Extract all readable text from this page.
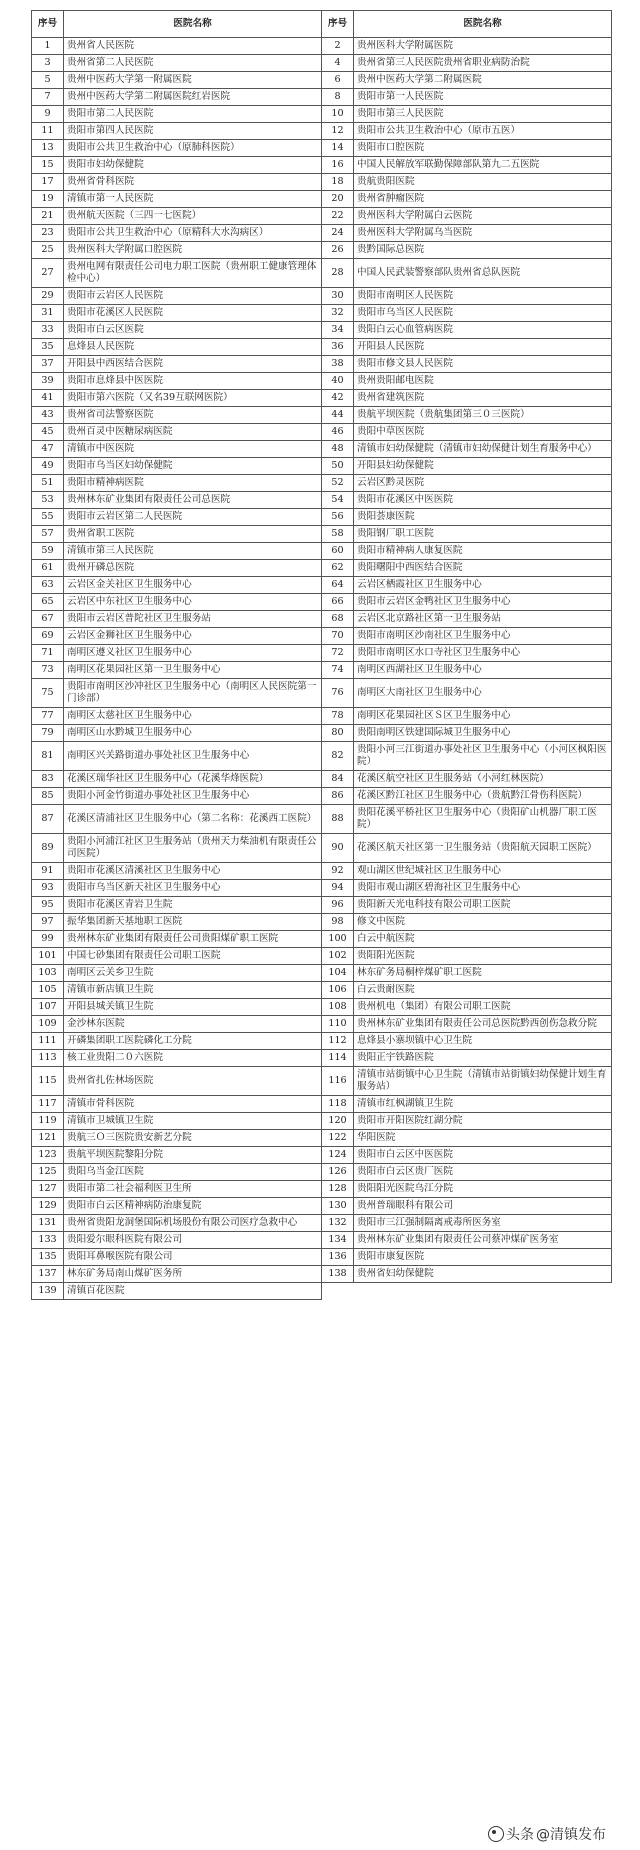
序号	医院名称	序号	医院名称
1	贵州省人民医院	2	贵州医科大学附属医院
3	贵州省第二人民医院	4	贵州省第三人民医院贵州省职业病防治院
5	贵州中医药大学第一附属医院	6	贵州中医药大学第二附属医院
7	贵州中医药大学第二附属医院红岩医院	8	贵阳市第一人民医院
9	贵阳市第二人民医院	10	贵阳市第三人民医院
11	贵阳市第四人民医院	12	贵阳市公共卫生救治中心（原市五医）
13	贵阳市公共卫生救治中心（原肺科医院）	14	贵阳市口腔医院
15	贵阳市妇幼保健院	16	中国人民解放军联勤保障部队第九二五医院
17	贵州省骨科医院	18	贵航贵阳医院
19	清镇市第一人民医院	20	贵州省肿瘤医院
21	贵州航天医院（三四一七医院）	22	贵州医科大学附属白云医院
23	贵阳市公共卫生救治中心（原精科大水沟病区）	24	贵州医科大学附属乌当医院
25	贵州医科大学附属口腔医院	26	贵黔国际总医院
27	贵州电网有限责任公司电力职工医院（贵州职工健康管理体检中心）	28	中国人民武装警察部队贵州省总队医院
29	贵阳市云岩区人民医院	30	贵阳市南明区人民医院
31	贵阳市花溪区人民医院	32	贵阳市乌当区人民医院
33	贵阳市白云区医院	34	贵阳白云心血管病医院
35	息烽县人民医院	36	开阳县人民医院
37	开阳县中西医结合医院	38	贵阳市修文县人民医院
39	贵阳市息烽县中医医院	40	贵州贵阳邮电医院
41	贵阳市第六医院（又名39互联网医院）	42	贵州省建筑医院
43	贵州省司法警察医院	44	贵航平坝医院（贵航集团第三０三医院）
45	贵州百灵中医糖尿病医院	46	贵阳中草医医院
47	清镇市中医医院	48	清镇市妇幼保健院（清镇市妇幼保健计划生育服务中心）
49	贵阳市乌当区妇幼保健院	50	开阳县妇幼保健院
51	贵阳市精神病医院	52	云岩区黔灵医院
53	贵州林东矿业集团有限责任公司总医院	54	贵阳市花溪区中医医院
55	贵阳市云岩区第二人民医院	56	贵阳荟康医院
57	贵州省职工医院	58	贵阳钢厂职工医院
59	清镇市第三人民医院	60	贵阳市精神病人康复医院
61	贵州开磷总医院	62	贵阳曙阳中西医结合医院
63	云岩区金关社区卫生服务中心	64	云岩区栖霞社区卫生服务中心
65	云岩区中东社区卫生服务中心	66	贵阳市云岩区金鸭社区卫生服务中心
67	贵阳市云岩区普陀社区卫生服务站	68	云岩区北京路社区第一卫生服务站
69	云岩区金狮社区卫生服务中心	70	贵阳市南明区沙南社区卫生服务中心
71	南明区遵义社区卫生服务中心	72	贵阳市南明区水口寺社区卫生服务中心
73	南明区花果园社区第一卫生服务中心	74	南明区西湖社区卫生服务中心
75	贵阳市南明区沙冲社区卫生服务中心（南明区人民医院第一门诊部）	76	南明区大南社区卫生服务中心
77	南明区太慈社区卫生服务中心	78	南明区花果园社区Ｓ区卫生服务中心
79	南明区山水黔城卫生服务中心	80	贵阳南明区铁建国际城卫生服务中心
81	南明区兴关路街道办事处社区卫生服务中心	82	贵阳小河三江街道办事处社区卫生服务中心（小河区枫阳医院）
83	花溪区瑞华社区卫生服务中心（花溪华烽医院）	84	花溪区航空社区卫生服务站（小河红林医院）
85	贵阳小河金竹街道办事处社区卫生服务中心	86	花溪区黔江社区卫生服务中心（贵航黔江骨伤科医院）
87	花溪区清浦社区卫生服务中心（第二名称：花溪西工医院）	88	贵阳花溪平桥社区卫生服务中心（贵阳矿山机器厂职工医院）
89	贵阳小河浦江社区卫生服务站（贵州天力柴油机有限责任公司医院）	90	花溪区航天社区第一卫生服务站（贵阳航天园职工医院）
91	贵阳市花溪区清溪社区卫生服务中心	92	观山湖区世纪城社区卫生服务中心
93	贵阳市乌当区新天社区卫生服务中心	94	贵阳市观山湖区碧海社区卫生服务中心
95	贵阳市花溪区青岩卫生院	96	贵阳新天光电科技有限公司职工医院
97	振华集团新天基地职工医院	98	修文中医院
99	贵州林东矿业集团有限责任公司贵阳煤矿职工医院	100	白云中航医院
101	中国七砂集团有限责任公司职工医院	102	贵阳阳光医院
103	南明区云关乡卫生院	104	林东矿务局桐梓煤矿职工医院
105	清镇市新店镇卫生院	106	白云贵耐医院
107	开阳县城关镇卫生院	108	贵州机电（集团）有限公司职工医院
109	金沙林东医院	110	贵州林东矿业集团有限责任公司总医院黔西创伤急救分院
111	开磷集团职工医院磷化工分院	112	息烽县小寨坝镇中心卫生院
113	核工业贵阳二０六医院	114	贵阳正宇铁路医院
115	贵州省扎佐林场医院	116	清镇市站街镇中心卫生院（清镇市站街镇妇幼保健计划生育服务站）
117	清镇市骨科医院	118	清镇市红枫湖镇卫生院
119	清镇市卫城镇卫生院	120	贵阳市开阳医院红湖分院
121	贵航三Ｏ三医院贵安新艺分院	122	华阳医院
123	贵航平坝医院黎阳分院	124	贵阳市白云区中医医院
125	贵阳乌当金江医院	126	贵阳市白云区贵厂医院
127	贵阳市第二社会福利医卫生所	128	贵阳阳光医院乌江分院
129	贵阳市白云区精神病防治康复院	130	贵州普瑞眼科有限公司
131	贵州省贵阳龙洞堡国际机场股份有限公司医疗急救中心	132	贵阳市三江强制隔离戒毒所医务室
133	贵阳爱尔眼科医院有限公司	134	贵州林东矿业集团有限责任公司蔡冲煤矿医务室
135	贵阳耳鼻喉医院有限公司	136	贵阳市康复医院
137	林东矿务局南山煤矿医务所	138	贵州省妇幼保健院
139	清镇百花医院		
头条 @清镇发布
